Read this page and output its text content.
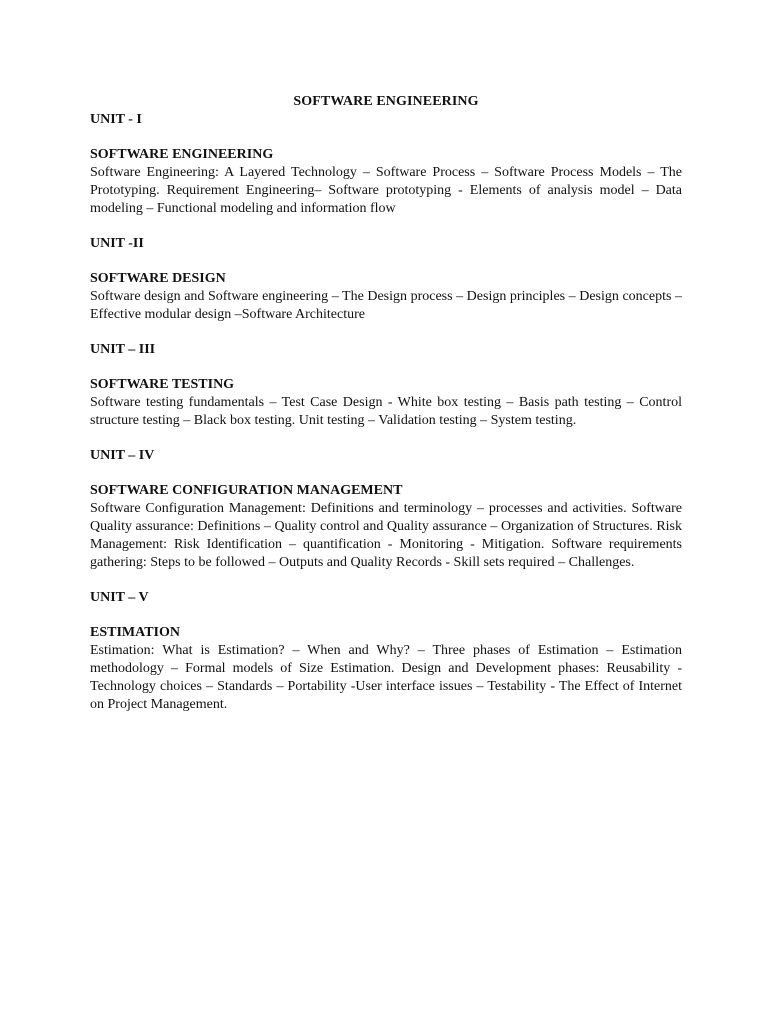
SOFTWARE ENGINEERING

UNIT - I

SOFTWARE ENGINEERING

Software Engineering: A Layered Technology – Software Process – Software Process Models – The Prototyping. Requirement Engineering– Software prototyping - Elements of analysis model – Data modeling – Functional modeling and information flow

UNIT -II

SOFTWARE DESIGN

Software design and Software engineering – The Design process – Design principles – Design concepts – Effective modular design –Software Architecture

UNIT – III

SOFTWARE TESTING

Software testing fundamentals – Test Case Design - White box testing – Basis path testing – Control structure testing – Black box testing. Unit testing – Validation testing – System testing.

UNIT – IV

SOFTWARE CONFIGURATION MANAGEMENT

Software Configuration Management: Definitions and terminology – processes and activities. Software Quality assurance: Definitions – Quality control and Quality assurance – Organization of Structures. Risk Management: Risk Identification – quantification - Monitoring - Mitigation. Software requirements gathering: Steps to be followed – Outputs and Quality Records - Skill sets required – Challenges.

UNIT – V

ESTIMATION

Estimation: What is Estimation? – When and Why? – Three phases of Estimation – Estimation methodology – Formal models of Size Estimation. Design and Development phases: Reusability - Technology choices – Standards – Portability -User interface issues – Testability - The Effect of Internet on Project Management.
